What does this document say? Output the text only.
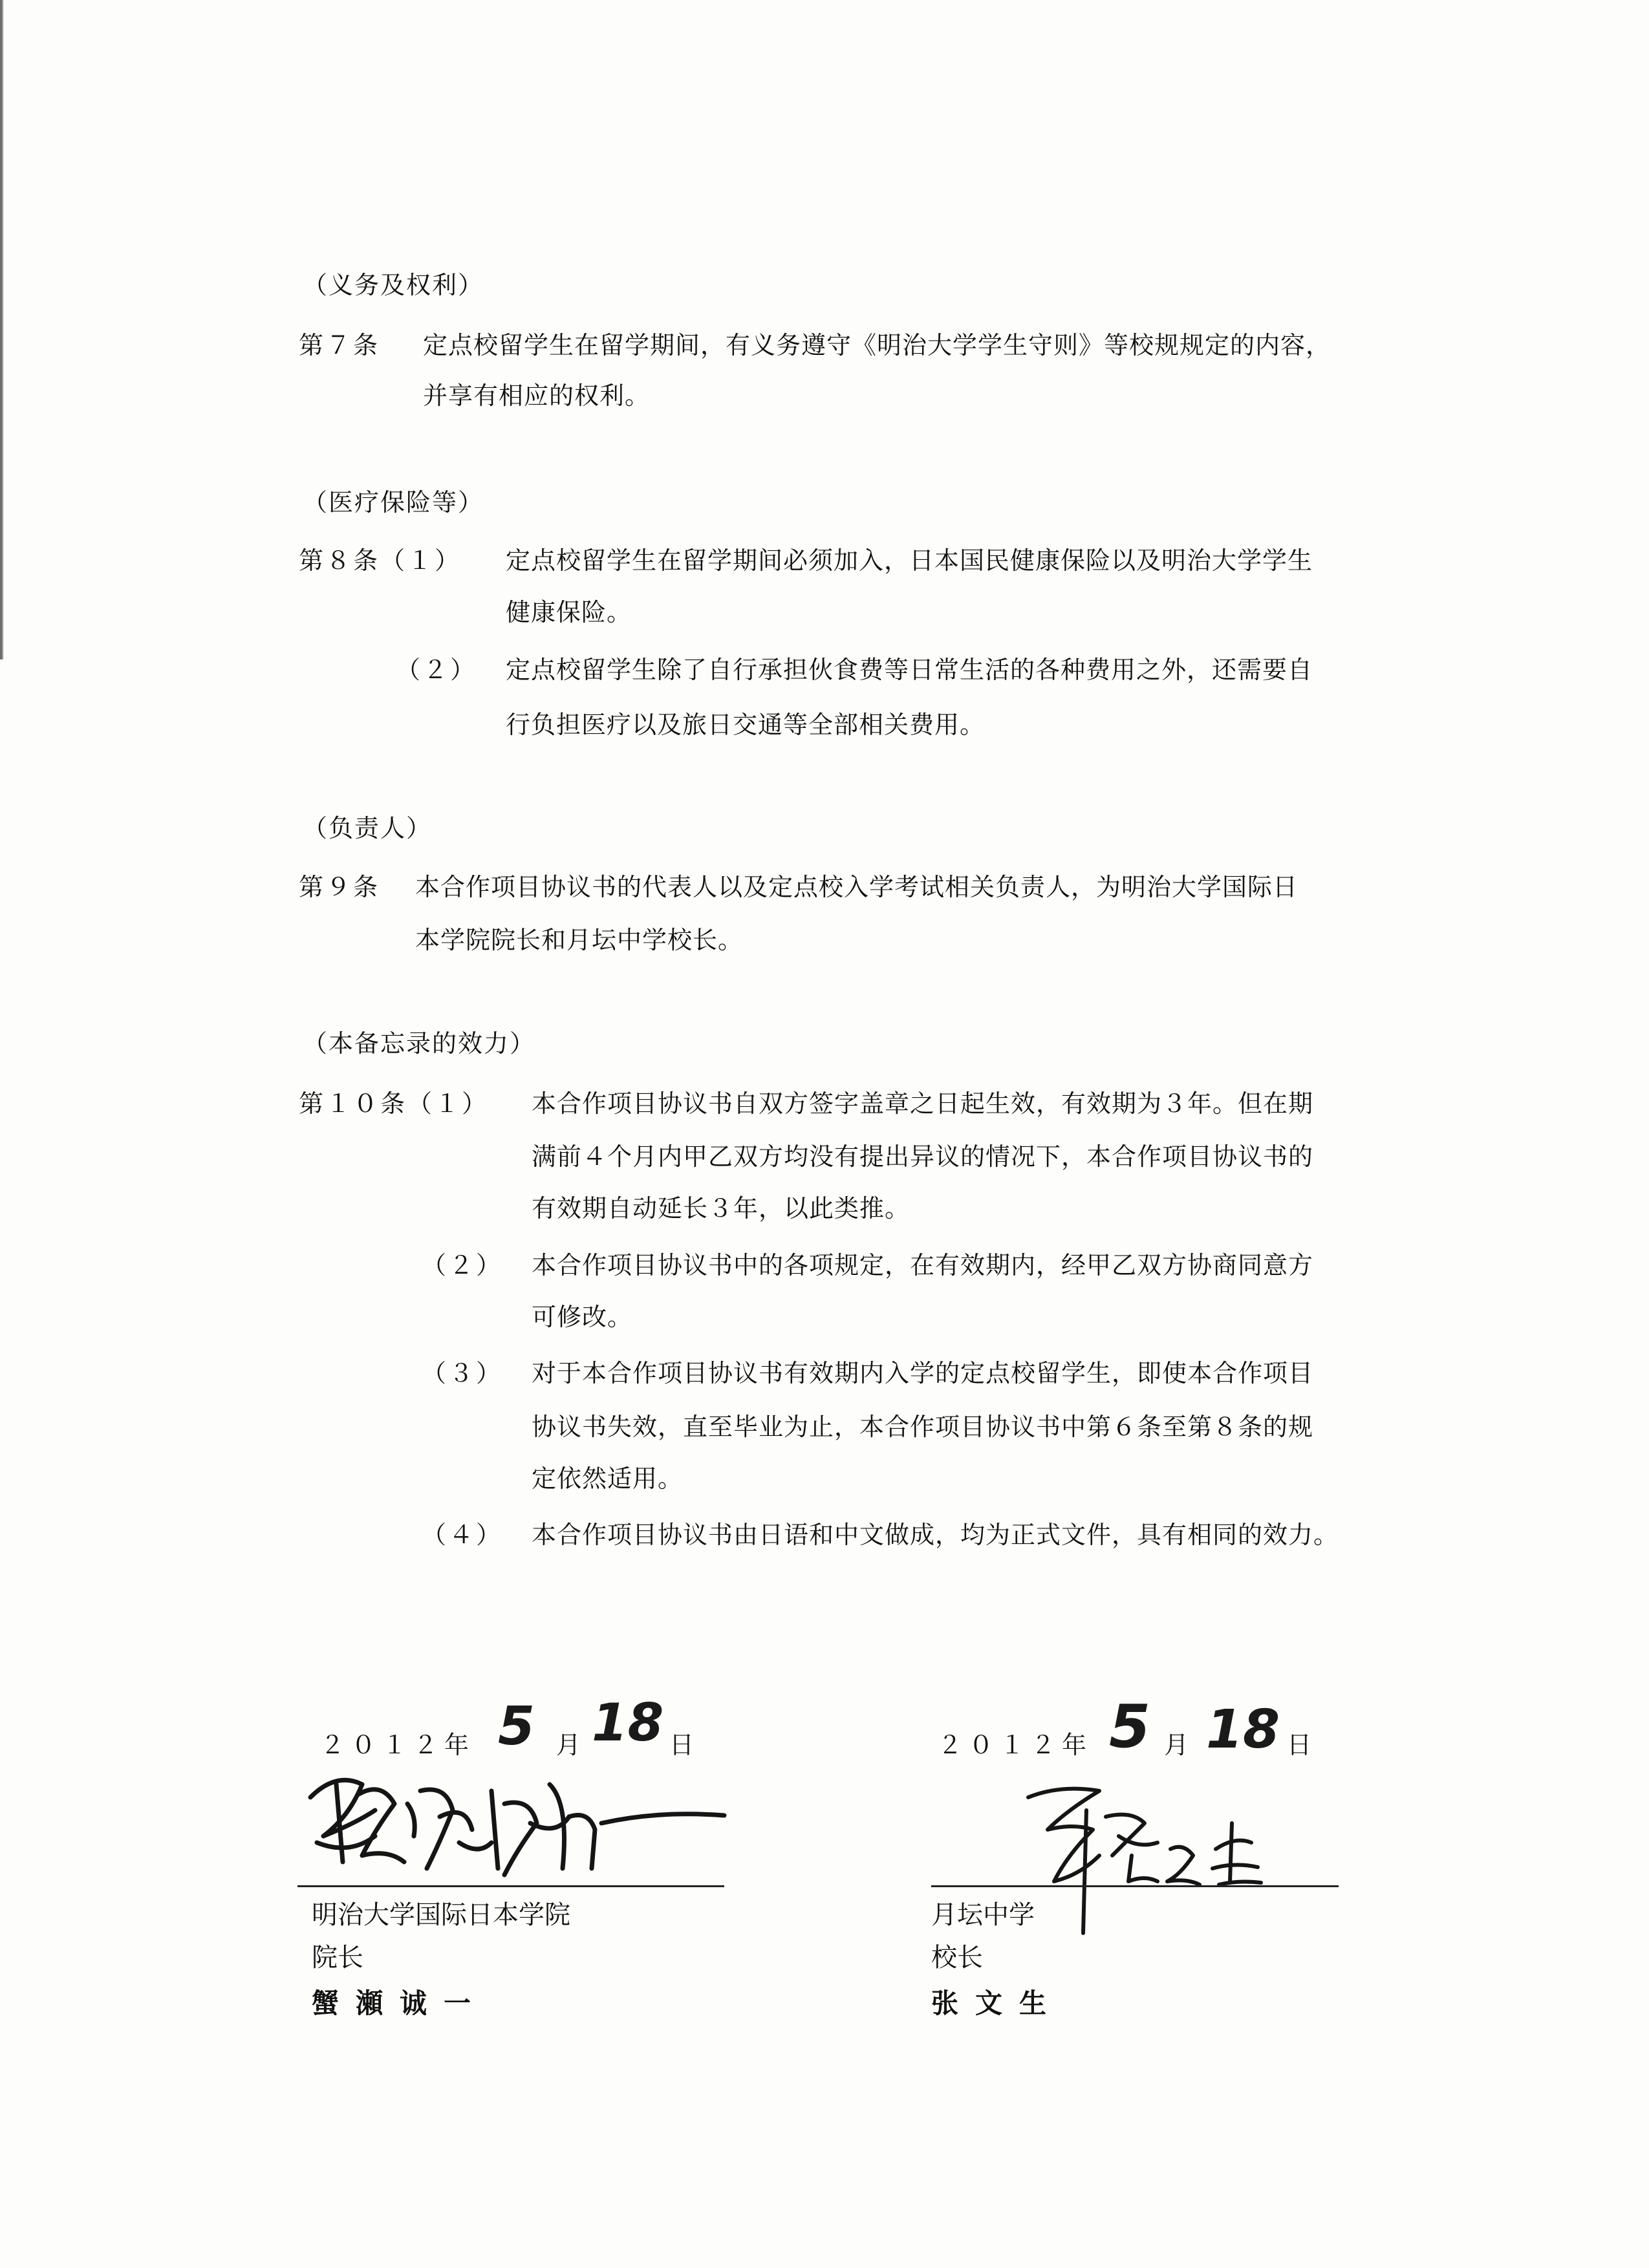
（义务及权利）
第７条 定点校留学生在留学期间，有义务遵守《明治大学学生守则》等校规规定的内容，
并享有相应的权利。
（医疗保险等）
第８条（１） 定点校留学生在留学期间必须加入，日本国民健康保险以及明治大学学生
健康保险。
（２） 定点校留学生除了自行承担伙食费等日常生活的各种费用之外，还需要自
行负担医疗以及旅日交通等全部相关费用。
（负责人）
第９条 本合作项目协议书的代表人以及定点校入学考试相关负责人，为明治大学国际日
本学院院长和月坛中学校长。
（本备忘录的效力）
第１０条（１） 本合作项目协议书自双方签字盖章之日起生效，有效期为３年。但在期
满前４个月内甲乙双方均没有提出异议的情况下，本合作项目协议书的
有效期自动延长３年，以此类推。
（２） 本合作项目协议书中的各项规定，在有效期内，经甲乙双方协商同意方
可修改。
（３） 对于本合作项目协议书有效期内入学的定点校留学生，即使本合作项目
协议书失效，直至毕业为止，本合作项目协议书中第６条至第８条的规
定依然适用。
（４） 本合作项目协议书由日语和中文做成，均为正式文件，具有相同的效力。
２０１２年 5 月 18 日
明治大学国际日本学院
院长
蟹瀬诚一
２０１２年 5 月 18 日
月坛中学
校长
张文生
